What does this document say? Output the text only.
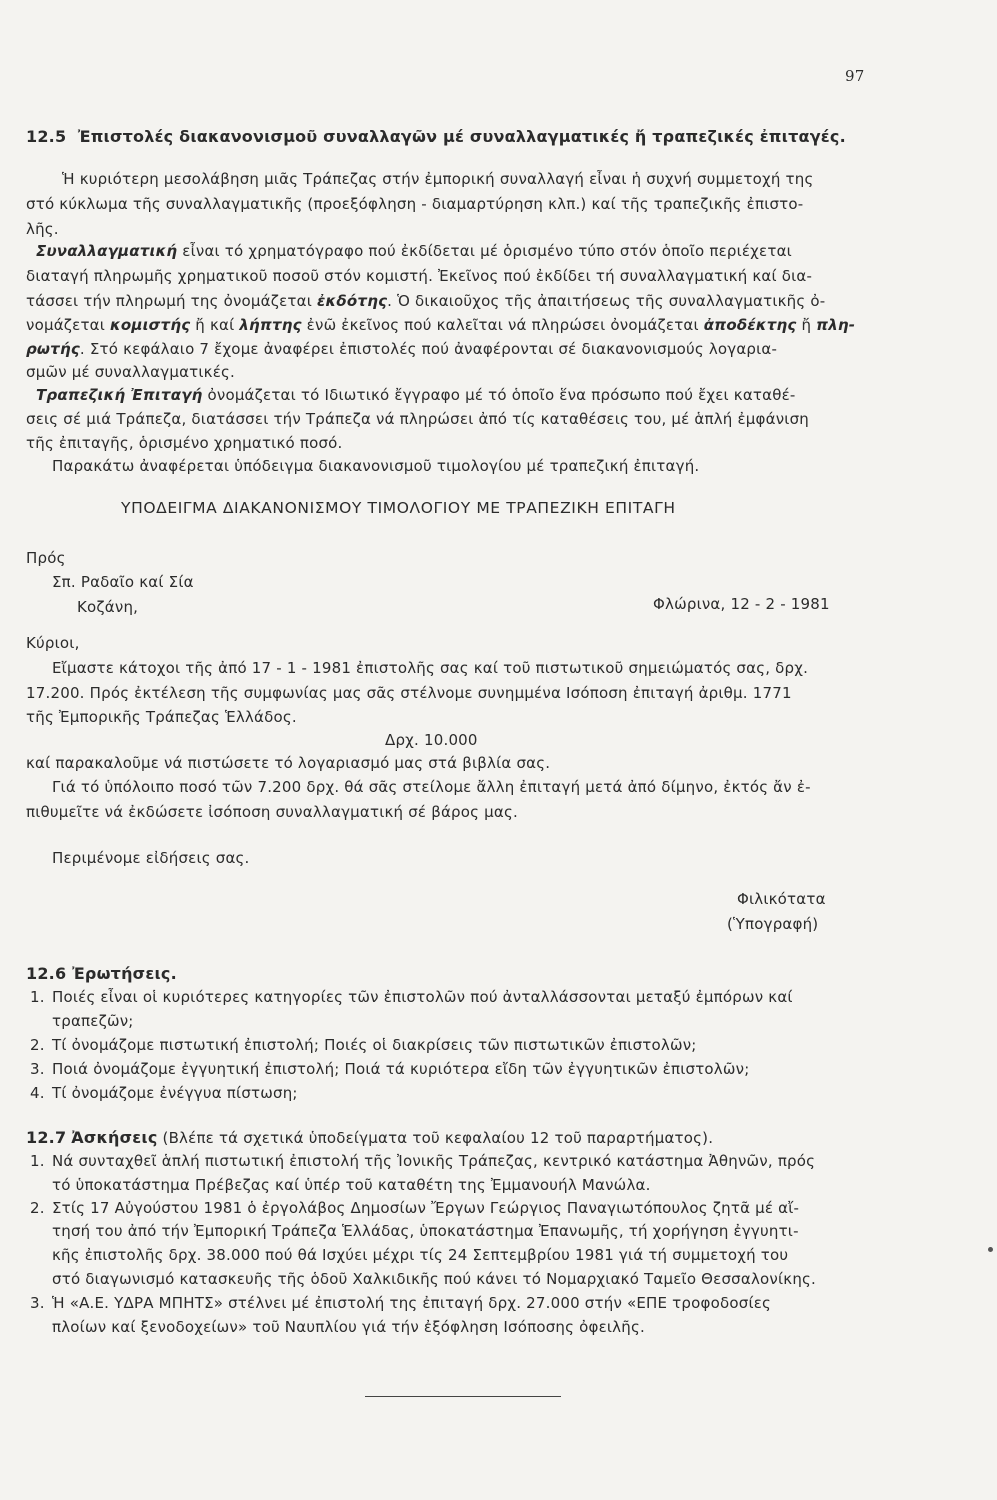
97
12.5 Ἐπιστολές διακανονισμοῦ συναλλαγῶν μέ συναλλαγματικές ἤ τραπεζικές ἐπιταγές.
Ἡ κυριότερη μεσολάβηση μιᾶς Τράπεζας στήν ἐμπορική συναλλαγή εἶναι ἡ συχνή συμμετοχή της
στό κύκλωμα τῆς συναλλαγματικῆς (προεξόφληση - διαμαρτύρηση κλπ.) καί τῆς τραπεζικῆς ἐπιστο-
λῆς.
Συναλλαγματική εἶναι τό χρηματόγραφο πού ἐκδίδεται μέ ὁρισμένο τύπο στόν ὁποῖο περιέχεται
διαταγή πληρωμῆς χρηματικοῦ ποσοῦ στόν κομιστή. Ἐκεῖνος πού ἐκδίδει τή συναλλαγματική καί δια-
τάσσει τήν πληρωμή της ὀνομάζεται ἐκδότης. Ὁ δικαιοῦχος τῆς ἀπαιτήσεως τῆς συναλλαγματικῆς ὀ-
νομάζεται κομιστής ἤ καί λήπτης ἐνῶ ἐκεῖνος πού καλεῖται νά πληρώσει ὀνομάζεται ἀποδέκτης ἤ πλη-
ρωτής. Στό κεφάλαιο 7 ἔχομε ἀναφέρει ἐπιστολές πού ἀναφέρονται σέ διακανονισμούς λογαρια-
σμῶν μέ συναλλαγματικές.
Τραπεζική Ἐπιταγή ὀνομάζεται τό Ιδιωτικό ἔγγραφο μέ τό ὁποῖο ἕνα πρόσωπο πού ἔχει καταθέ-
σεις σέ μιά Τράπεζα, διατάσσει τήν Τράπεζα νά πληρώσει ἀπό τίς καταθέσεις του, μέ ἁπλή ἐμφάνιση
τῆς ἐπιταγῆς, ὁρισμένο χρηματικό ποσό.
Παρακάτω ἀναφέρεται ὑπόδειγμα διακανονισμοῦ τιμολογίου μέ τραπεζική ἐπιταγή.
ΥΠΟΔΕΙΓΜΑ ΔΙΑΚΑΝΟΝΙΣΜΟΥ ΤΙΜΟΛΟΓΙΟΥ ΜΕ ΤΡΑΠΕΖΙΚΗ ΕΠΙΤΑΓΗ
Πρός
Σπ. Ραδαῖο καί Σία
Κοζάνη,	Φλώρινα, 12 - 2 - 1981
Κύριοι,
Εἴμαστε κάτοχοι τῆς ἀπό 17 - 1 - 1981 ἐπιστολῆς σας καί τοῦ πιστωτικοῦ σημειώματός σας, δρχ.
17.200. Πρός ἐκτέλεση τῆς συμφωνίας μας σᾶς στέλνομε συνημμένα Ισόποση ἐπιταγή ἀριθμ. 1771
τῆς Ἐμπορικῆς Τράπεζας Ἑλλάδος.
Δρχ. 10.000
καί παρακαλοῦμε νά πιστώσετε τό λογαριασμό μας στά βιβλία σας.
Γιά τό ὑπόλοιπο ποσό τῶν 7.200 δρχ. θά σᾶς στείλομε ἄλλη ἐπιταγή μετά ἀπό δίμηνο, ἐκτός ἄν ἐ-
πιθυμεῖτε νά ἐκδώσετε ἰσόποση συναλλαγματική σέ βάρος μας.
Περιμένομε εἰδήσεις σας.
Φιλικότατα
(Ὑπογραφή)
12.6 Ἐρωτήσεις.
1. Ποιές εἶναι οἱ κυριότερες κατηγορίες τῶν ἐπιστολῶν πού ἀνταλλάσσονται μεταξύ ἐμπόρων καί
τραπεζῶν;
2. Τί ὀνομάζομε πιστωτική ἐπιστολή; Ποιές οἱ διακρίσεις τῶν πιστωτικῶν ἐπιστολῶν;
3. Ποιά ὀνομάζομε ἐγγυητική ἐπιστολή; Ποιά τά κυριότερα εἴδη τῶν ἐγγυητικῶν ἐπιστολῶν;
4. Τί ὀνομάζομε ἐνέγγυα πίστωση;
12.7 Ἀσκήσεις (Βλέπε τά σχετικά ὑποδείγματα τοῦ κεφαλαίου 12 τοῦ παραρτήματος).
1. Νά συνταχθεῖ ἁπλή πιστωτική ἐπιστολή τῆς Ἰονικῆς Τράπεζας, κεντρικό κατάστημα Ἀθηνῶν, πρός
τό ὑποκατάστημα Πρέβεζας καί ὑπέρ τοῦ καταθέτη της Ἐμμανουήλ Μανώλα.
2. Στίς 17 Αὐγούστου 1981 ὁ ἐργολάβος Δημοσίων Ἔργων Γεώργιος Παναγιωτόπουλος ζητᾶ μέ αἴ-
τησή του ἀπό τήν Ἐμπορική Τράπεζα Ἑλλάδας, ὑποκατάστημα Ἐπανωμῆς, τή χορήγηση ἐγγυητι-
κῆς ἐπιστολῆς δρχ. 38.000 πού θά Ισχύει μέχρι τίς 24 Σεπτεμβρίου 1981 γιά τή συμμετοχή του
στό διαγωνισμό κατασκευῆς τῆς ὁδοῦ Χαλκιδικῆς πού κάνει τό Νομαρχιακό Ταμεῖο Θεσσαλονίκης.
3. Ἡ «Α.Ε. ΥΔΡΑ ΜΠΗΤΣ» στέλνει μέ ἐπιστολή της ἐπιταγή δρχ. 27.000 στήν «ΕΠΕ τροφοδοσίες
πλοίων καί ξενοδοχείων» τοῦ Ναυπλίου γιά τήν ἐξόφληση Ισόποσης ὀφειλῆς.
